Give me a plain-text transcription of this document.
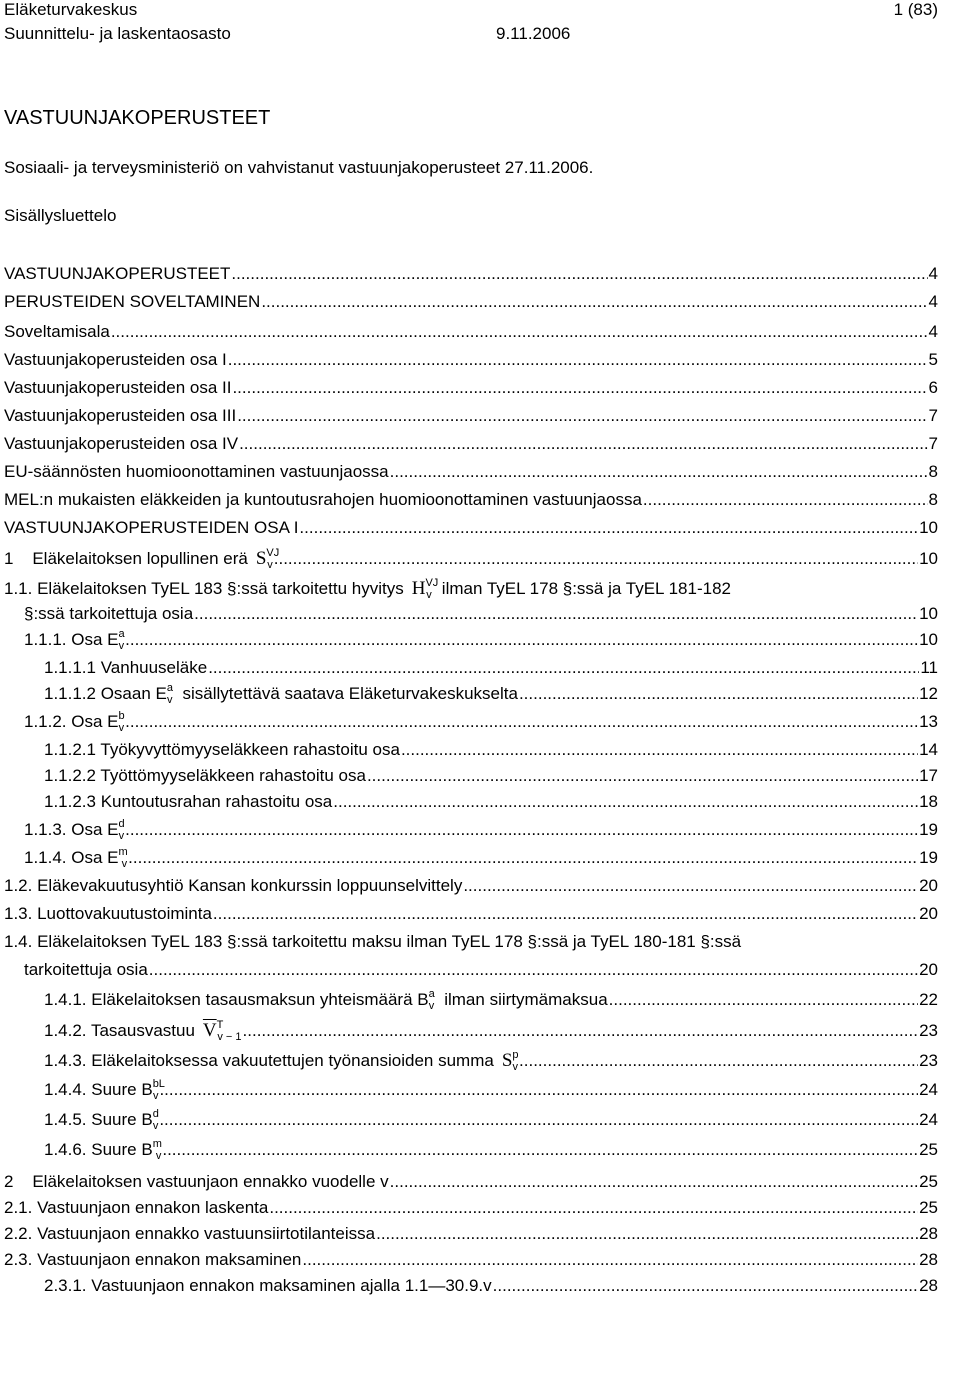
Eläketurvakeskus	1 (83)
Suunnittelu- ja laskentaosasto	9.11.2006
VASTUUNJAKOPERUSTEET
Sosiaali- ja terveysministeriö on vahvistanut vastuunjakoperusteet 27.11.2006.
Sisällysluettelo
VASTUUNJAKOPERUSTEET .....	4
PERUSTEIDEN SOVELTAMINEN .....	4
Soveltamisala .....	4
Vastuunjakoperusteiden osa I .....	5
Vastuunjakoperusteiden osa II .....	6
Vastuunjakoperusteiden osa III .....	7
Vastuunjakoperusteiden osa IV .....	7
EU-säännösten huomioonottaminen vastuunjaossa .....	8
MEL:n mukaisten eläkkeiden ja kuntoutusrahojen huomioonottaminen vastuunjaossa .....	8
VASTUUNJAKOPERUSTEIDEN OSA I .....	10
1    Eläkelaitoksen lopullinen erä $S^{VJ}_v$ .....	10
1.1. Eläkelaitoksen TyEL 183 §:ssä tarkoitettu hyvitys $H^{VJ}_v$ ilman TyEL 178 §:ssä ja TyEL 181-182
§:ssä tarkoitettuja osia .....	10
1.1.1. Osa $E^a_v$ .....	10
1.1.1.1 Vanhuuseläke .....	11
1.1.1.2 Osaan $E^a_v$ sisällytettävä saatava Eläketurvakeskukselta .....	12
1.1.2. Osa $E^b_v$ .....	13
1.1.2.1 Työkyvyttömyyseläkkeen rahastoitu osa .....	14
1.1.2.2 Työttömyyseläkkeen rahastoitu osa .....	17
1.1.2.3 Kuntoutusrahan rahastoitu osa .....	18
1.1.3. Osa $E^d_v$ .....	19
1.1.4. Osa $E^m_v$ .....	19
1.2. Eläkevakuutusyhtiö Kansan konkurssin loppuunselvittely .....	20
1.3. Luottovakuutustoiminta .....	20
1.4. Eläkelaitoksen TyEL 183 §:ssä tarkoitettu maksu ilman TyEL 178 §:ssä ja TyEL 180-181 §:ssä
tarkoitettuja osia .....	20
1.4.1. Eläkelaitoksen tasausmaksun yhteismäärä $B^a_v$ ilman siirtymämaksua .....	22
1.4.2. Tasausvastuu $\overline{V}^T_{v - 1}$ .....	23
1.4.3. Eläkelaitoksessa vakuutettujen työnansioiden summa $S^p_v$ .....	23
1.4.4. Suure $B^{bL}_v$ .....	24
1.4.5. Suure $B^d_v$ .....	24
1.4.6. Suure $B^m_v$ .....	25
2    Eläkelaitoksen vastuunjaon ennakko vuodelle v .....	25
2.1. Vastuunjaon ennakon laskenta .....	25
2.2. Vastuunjaon ennakko vastuunsiirtotilanteissa .....	28
2.3. Vastuunjaon ennakon maksaminen .....	28
2.3.1. Vastuunjaon ennakon maksaminen ajalla 1.1—30.9.v .....	28
